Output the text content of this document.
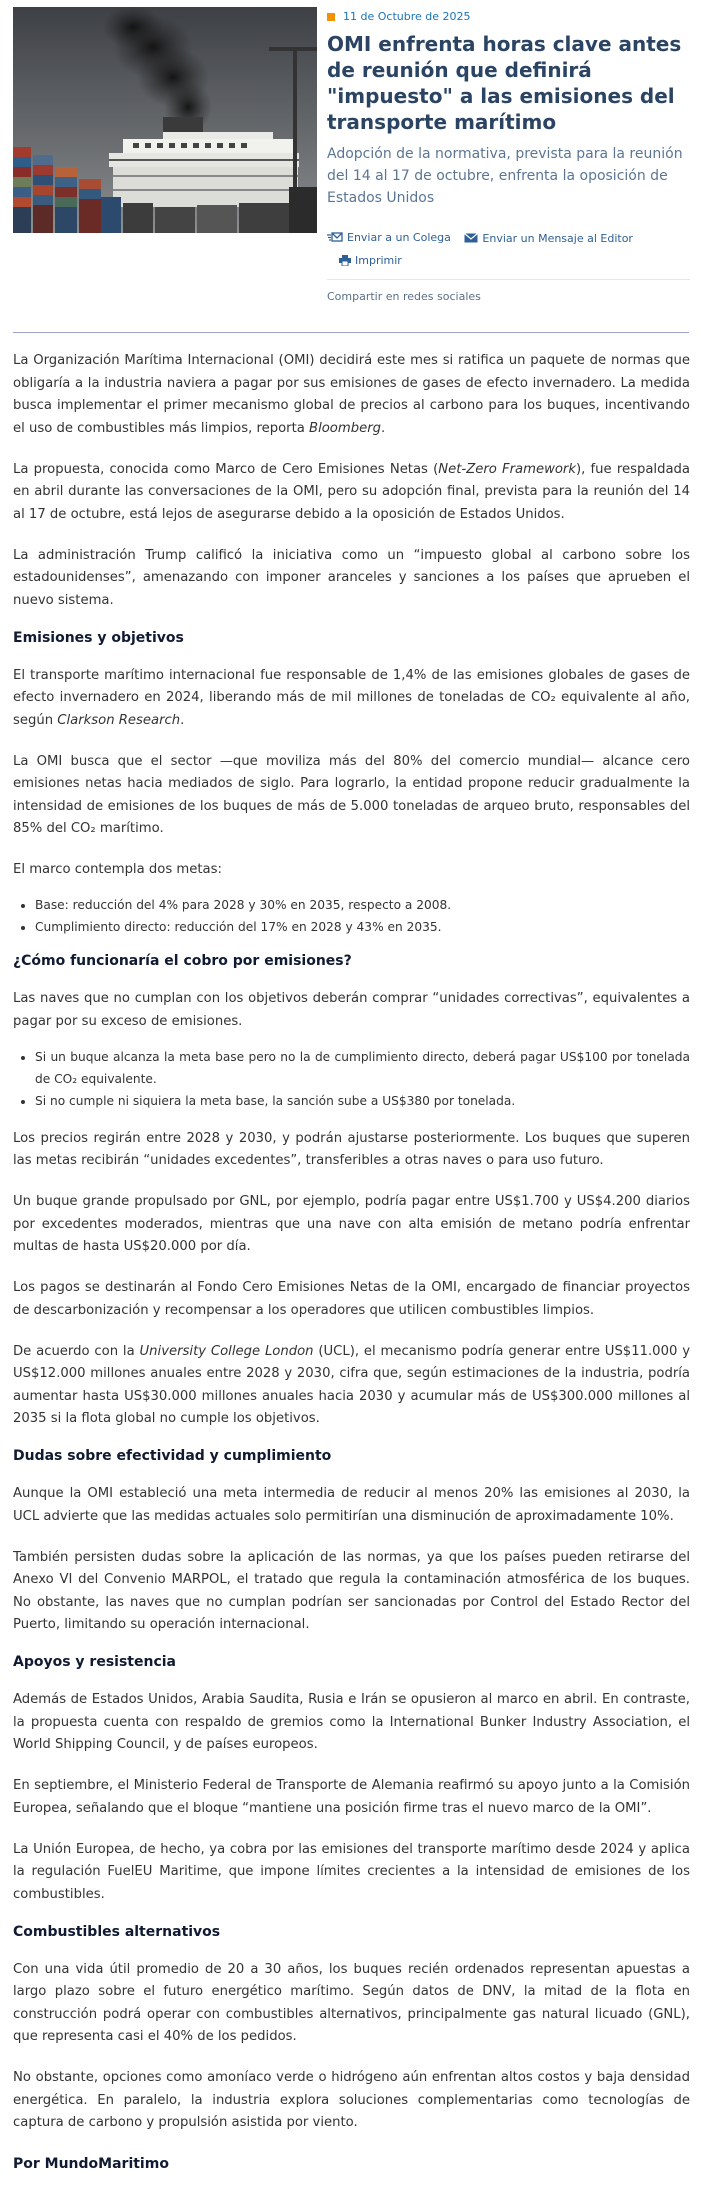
11 de Octubre de 2025
OMI enfrenta horas clave antes de reunión que definirá "impuesto" a las emisiones del transporte marítimo
Adopción de la normativa, prevista para la reunión del 14 al 17 de octubre, enfrenta la oposición de Estados Unidos
Enviar a un Colega
	Enviar un Mensaje al Editor

Imprimir
Compartir en redes sociales

La Organización Marítima Internacional (OMI) decidirá este mes si ratifica un paquete de normas que obligaría a la industria naviera a pagar por sus emisiones de gases de efecto invernadero. La medida busca implementar el primer mecanismo global de precios al carbono para los buques, incentivando el uso de combustibles más limpios, reporta Bloomberg.

La propuesta, conocida como Marco de Cero Emisiones Netas (Net-Zero Framework), fue respaldada en abril durante las conversaciones de la OMI, pero su adopción final, prevista para la reunión del 14 al 17 de octubre, está lejos de asegurarse debido a la oposición de Estados Unidos.

La administración Trump calificó la iniciativa como un “impuesto global al carbono sobre los estadounidenses”, amenazando con imponer aranceles y sanciones a los países que aprueben el nuevo sistema.

Emisiones y objetivos

El transporte marítimo internacional fue responsable de 1,4% de las emisiones globales de gases de efecto invernadero en 2024, liberando más de mil millones de toneladas de CO₂ equivalente al año, según Clarkson Research.

La OMI busca que el sector —que moviliza más del 80% del comercio mundial— alcance cero emisiones netas hacia mediados de siglo. Para lograrlo, la entidad propone reducir gradualmente la intensidad de emisiones de los buques de más de 5.000 toneladas de arqueo bruto, responsables del 85% del CO₂ marítimo.

El marco contempla dos metas:

• Base: reducción del 4% para 2028 y 30% en 2035, respecto a 2008.
• Cumplimiento directo: reducción del 17% en 2028 y 43% en 2035.
¿Cómo funcionaría el cobro por emisiones?

Las naves que no cumplan con los objetivos deberán comprar “unidades correctivas”, equivalentes a pagar por su exceso de emisiones.

• Si un buque alcanza la meta base pero no la de cumplimiento directo, deberá pagar US$100 por tonelada de CO₂ equivalente.
• Si no cumple ni siquiera la meta base, la sanción sube a US$380 por tonelada.

Los precios regirán entre 2028 y 2030, y podrán ajustarse posteriormente. Los buques que superen las metas recibirán “unidades excedentes”, transferibles a otras naves o para uso futuro.

Un buque grande propulsado por GNL, por ejemplo, podría pagar entre US$1.700 y US$4.200 diarios por excedentes moderados, mientras que una nave con alta emisión de metano podría enfrentar multas de hasta US$20.000 por día.

Los pagos se destinarán al Fondo Cero Emisiones Netas de la OMI, encargado de financiar proyectos de descarbonización y recompensar a los operadores que utilicen combustibles limpios.

De acuerdo con la University College London (UCL), el mecanismo podría generar entre US$11.000 y US$12.000 millones anuales entre 2028 y 2030, cifra que, según estimaciones de la industria, podría aumentar hasta US$30.000 millones anuales hacia 2030 y acumular más de US$300.000 millones al 2035 si la flota global no cumple los objetivos.

Dudas sobre efectividad y cumplimiento

Aunque la OMI estableció una meta intermedia de reducir al menos 20% las emisiones al 2030, la UCL advierte que las medidas actuales solo permitirían una disminución de aproximadamente 10%.

También persisten dudas sobre la aplicación de las normas, ya que los países pueden retirarse del Anexo VI del Convenio MARPOL, el tratado que regula la contaminación atmosférica de los buques. No obstante, las naves que no cumplan podrían ser sancionadas por Control del Estado Rector del Puerto, limitando su operación internacional.

Apoyos y resistencia

Además de Estados Unidos, Arabia Saudita, Rusia e Irán se opusieron al marco en abril. En contraste, la propuesta cuenta con respaldo de gremios como la International Bunker Industry Association, el World Shipping Council, y de países europeos.

En septiembre, el Ministerio Federal de Transporte de Alemania reafirmó su apoyo junto a la Comisión Europea, señalando que el bloque “mantiene una posición firme tras el nuevo marco de la OMI”.

La Unión Europea, de hecho, ya cobra por las emisiones del transporte marítimo desde 2024 y aplica la regulación FuelEU Maritime, que impone límites crecientes a la intensidad de emisiones de los combustibles.

Combustibles alternativos

Con una vida útil promedio de 20 a 30 años, los buques recién ordenados representan apuestas a largo plazo sobre el futuro energético marítimo. Según datos de DNV, la mitad de la flota en construcción podrá operar con combustibles alternativos, principalmente gas natural licuado (GNL), que representa casi el 40% de los pedidos.

No obstante, opciones como amoníaco verde o hidrógeno aún enfrentan altos costos y baja densidad energética. En paralelo, la industria explora soluciones complementarias como tecnologías de captura de carbono y propulsión asistida por viento.

Por MundoMaritimo
